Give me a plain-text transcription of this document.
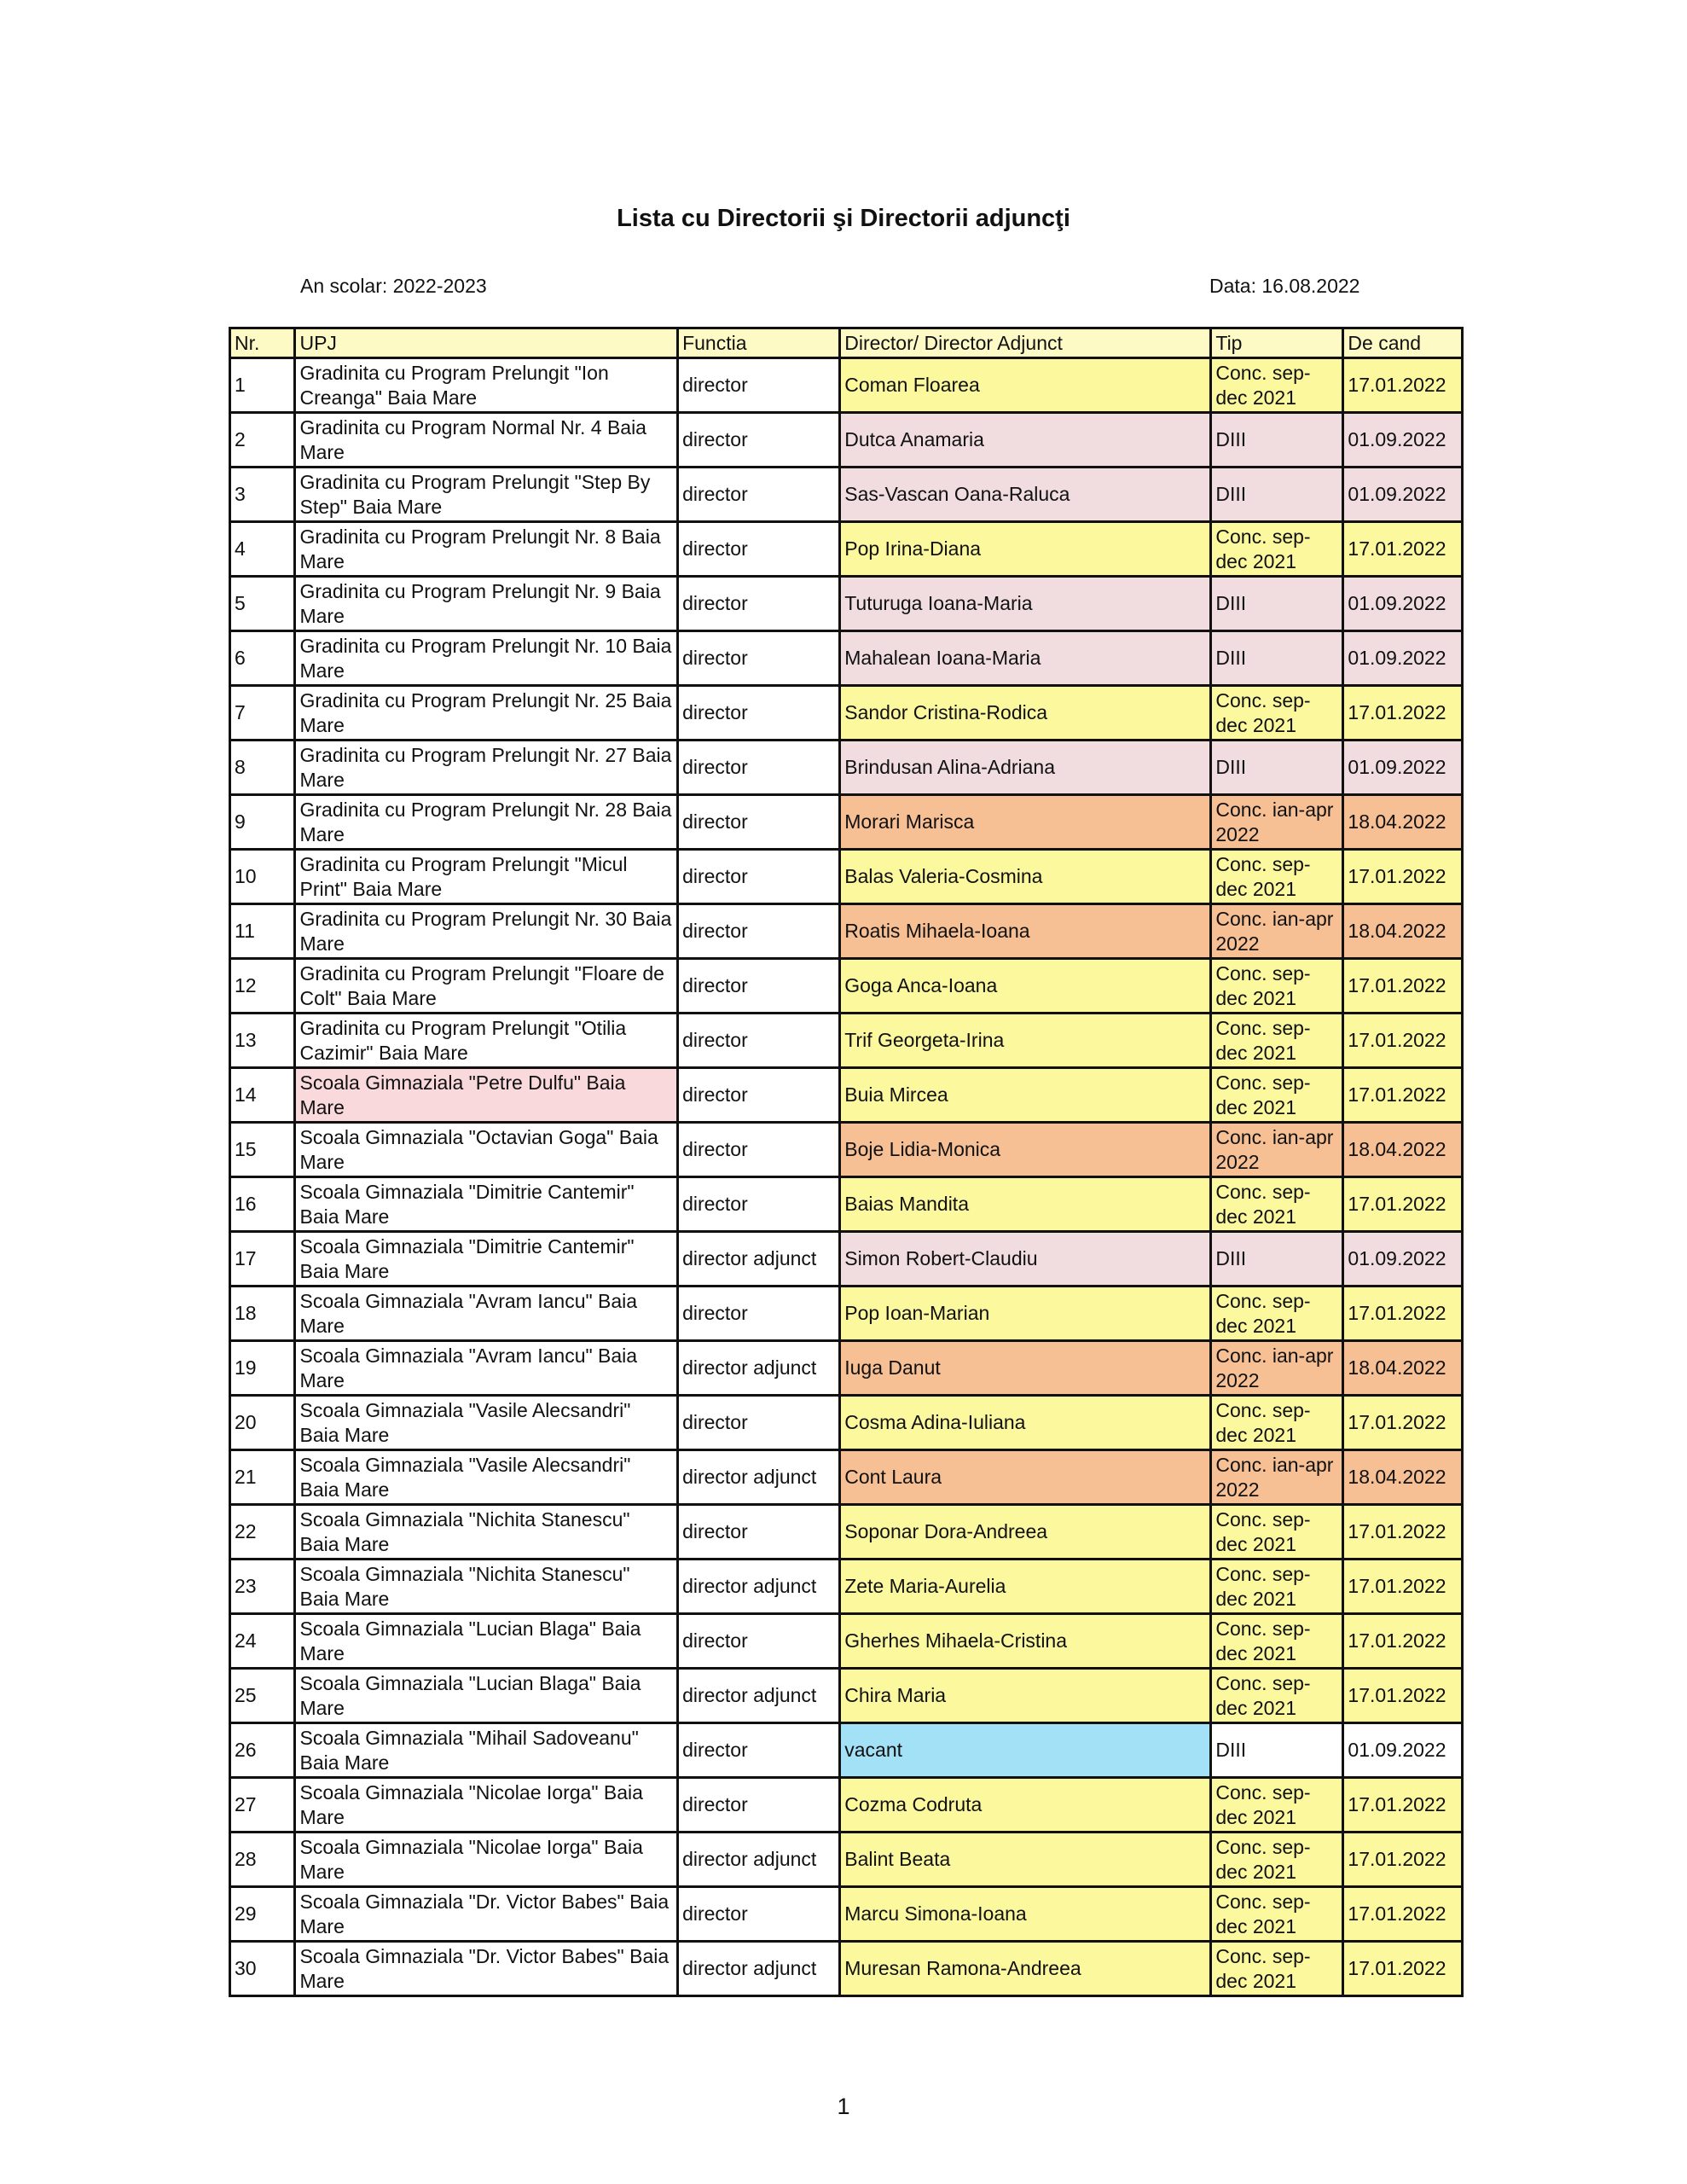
Lista cu Directorii şi Directorii adjuncţi
An scolar: 2022-2023	Data: 16.08.2022
Nr.	UPJ	Functia	Director/ Director Adjunct	Tip	De cand
1	Gradinita cu Program Prelungit "Ion Creanga" Baia Mare	director	Coman Floarea	Conc. sep-dec 2021	17.01.2022
2	Gradinita cu Program Normal Nr. 4 Baia Mare	director	Dutca Anamaria	DIII	01.09.2022
3	Gradinita cu Program Prelungit "Step By Step" Baia Mare	director	Sas-Vascan Oana-Raluca	DIII	01.09.2022
4	Gradinita cu Program Prelungit Nr. 8 Baia Mare	director	Pop Irina-Diana	Conc. sep-dec 2021	17.01.2022
5	Gradinita cu Program Prelungit Nr. 9 Baia Mare	director	Tuturuga Ioana-Maria	DIII	01.09.2022
6	Gradinita cu Program Prelungit Nr. 10 Baia Mare	director	Mahalean Ioana-Maria	DIII	01.09.2022
7	Gradinita cu Program Prelungit Nr. 25 Baia Mare	director	Sandor Cristina-Rodica	Conc. sep-dec 2021	17.01.2022
8	Gradinita cu Program Prelungit Nr. 27 Baia Mare	director	Brindusan Alina-Adriana	DIII	01.09.2022
9	Gradinita cu Program Prelungit Nr. 28 Baia Mare	director	Morari Marisca	Conc. ian-apr 2022	18.04.2022
10	Gradinita cu Program Prelungit "Micul Print" Baia Mare	director	Balas Valeria-Cosmina	Conc. sep-dec 2021	17.01.2022
11	Gradinita cu Program Prelungit Nr. 30 Baia Mare	director	Roatis Mihaela-Ioana	Conc. ian-apr 2022	18.04.2022
12	Gradinita cu Program Prelungit "Floare de Colt" Baia Mare	director	Goga Anca-Ioana	Conc. sep-dec 2021	17.01.2022
13	Gradinita cu Program Prelungit "Otilia Cazimir" Baia Mare	director	Trif Georgeta-Irina	Conc. sep-dec 2021	17.01.2022
14	Scoala Gimnaziala "Petre Dulfu" Baia Mare	director	Buia Mircea	Conc. sep-dec 2021	17.01.2022
15	Scoala Gimnaziala "Octavian Goga" Baia Mare	director	Boje Lidia-Monica	Conc. ian-apr 2022	18.04.2022
16	Scoala Gimnaziala "Dimitrie Cantemir" Baia Mare	director	Baias Mandita	Conc. sep-dec 2021	17.01.2022
17	Scoala Gimnaziala "Dimitrie Cantemir" Baia Mare	director adjunct	Simon Robert-Claudiu	DIII	01.09.2022
18	Scoala Gimnaziala "Avram Iancu" Baia Mare	director	Pop Ioan-Marian	Conc. sep-dec 2021	17.01.2022
19	Scoala Gimnaziala "Avram Iancu" Baia Mare	director adjunct	Iuga Danut	Conc. ian-apr 2022	18.04.2022
20	Scoala Gimnaziala "Vasile Alecsandri" Baia Mare	director	Cosma Adina-Iuliana	Conc. sep-dec 2021	17.01.2022
21	Scoala Gimnaziala "Vasile Alecsandri" Baia Mare	director adjunct	Cont Laura	Conc. ian-apr 2022	18.04.2022
22	Scoala Gimnaziala "Nichita Stanescu" Baia Mare	director	Soponar Dora-Andreea	Conc. sep-dec 2021	17.01.2022
23	Scoala Gimnaziala "Nichita Stanescu" Baia Mare	director adjunct	Zete Maria-Aurelia	Conc. sep-dec 2021	17.01.2022
24	Scoala Gimnaziala "Lucian Blaga" Baia Mare	director	Gherhes Mihaela-Cristina	Conc. sep-dec 2021	17.01.2022
25	Scoala Gimnaziala "Lucian Blaga" Baia Mare	director adjunct	Chira Maria	Conc. sep-dec 2021	17.01.2022
26	Scoala Gimnaziala "Mihail Sadoveanu" Baia Mare	director	vacant	DIII	01.09.2022
27	Scoala Gimnaziala "Nicolae Iorga" Baia Mare	director	Cozma Codruta	Conc. sep-dec 2021	17.01.2022
28	Scoala Gimnaziala "Nicolae Iorga" Baia Mare	director adjunct	Balint Beata	Conc. sep-dec 2021	17.01.2022
29	Scoala Gimnaziala "Dr. Victor Babes" Baia Mare	director	Marcu Simona-Ioana	Conc. sep-dec 2021	17.01.2022
30	Scoala Gimnaziala "Dr. Victor Babes" Baia Mare	director adjunct	Muresan Ramona-Andreea	Conc. sep-dec 2021	17.01.2022
1
